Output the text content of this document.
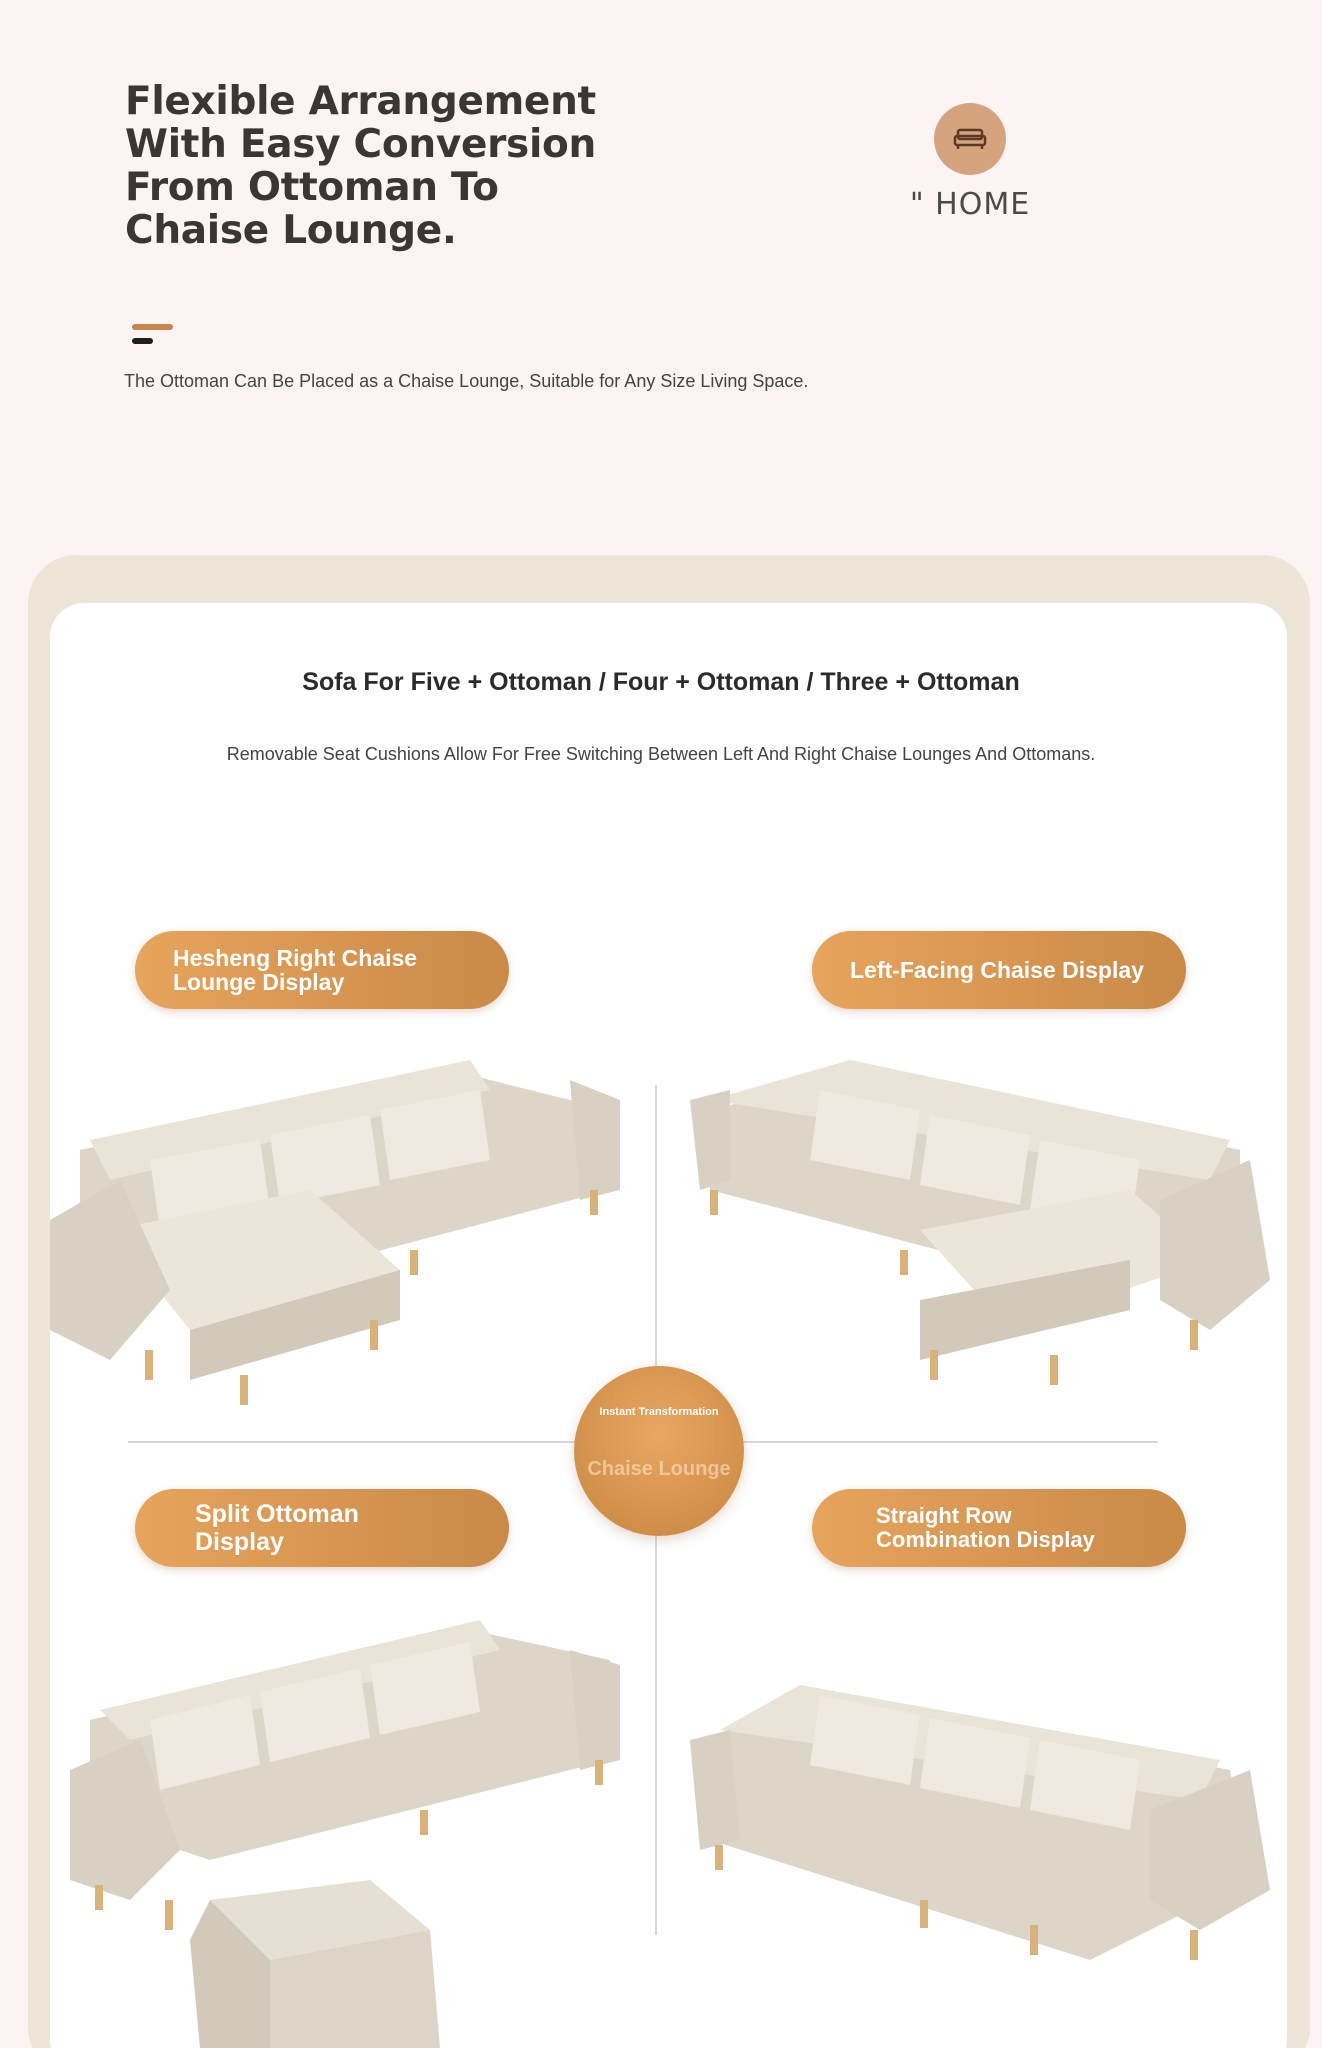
Flexible Arrangement With Easy Conversion From Ottoman To Chaise Lounge.
" HOME
The Ottoman Can Be Placed as a Chaise Lounge, Suitable for Any Size Living Space.
Sofa For Five + Ottoman / Four + Ottoman / Three + Ottoman
Removable Seat Cushions Allow For Free Switching Between Left And Right Chaise Lounges And Ottomans.
Hesheng Right Chaise
Lounge Display	Left-Facing Chaise Display
Split Ottoman
Display
Straight Row
Combination Display
Instant Transformation
Chaise Lounge
